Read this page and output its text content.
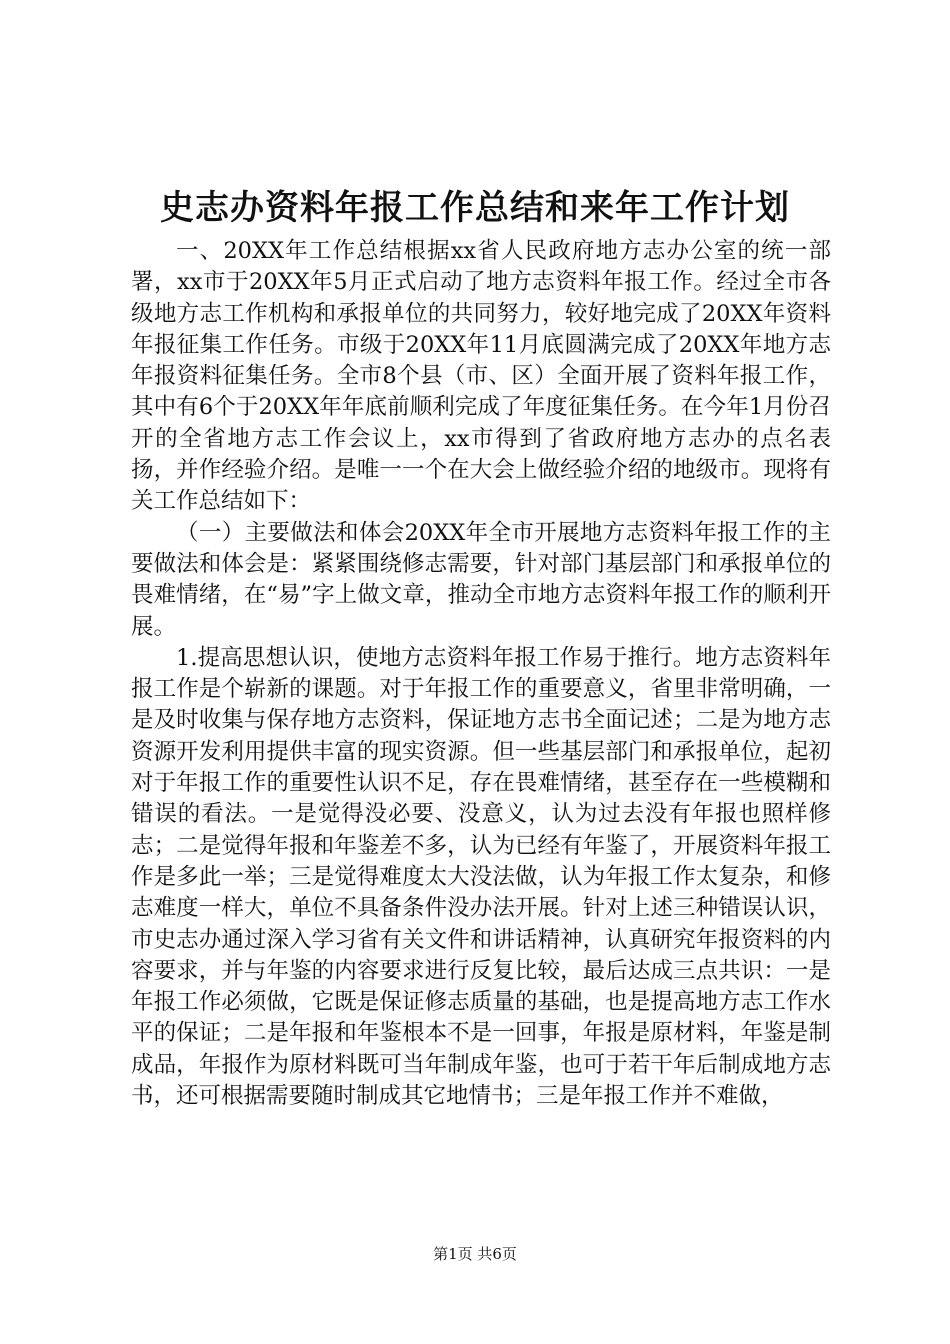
史志办资料年报工作总结和来年工作计划

一、20XX年工作总结根据xx省人民政府地方志办公室的统一部署，xx市于20XX年5月正式启动了地方志资料年报工作。经过全市各级地方志工作机构和承报单位的共同努力，较好地完成了20XX年资料年报征集工作任务。市级于20XX年11月底圆满完成了20XX年地方志年报资料征集任务。全市8个县（市、区）全面开展了资料年报工作，其中有6个于20XX年年底前顺利完成了年度征集任务。在今年1月份召开的全省地方志工作会议上，xx市得到了省政府地方志办的点名表扬，并作经验介绍。是唯一一个在大会上做经验介绍的地级市。现将有关工作总结如下：

（一）主要做法和体会20XX年全市开展地方志资料年报工作的主要做法和体会是：紧紧围绕修志需要，针对部门基层部门和承报单位的畏难情绪，在“易”字上做文章，推动全市地方志资料年报工作的顺利开展。

1.提高思想认识，使地方志资料年报工作易于推行。地方志资料年报工作是个崭新的课题。对于年报工作的重要意义，省里非常明确，一是及时收集与保存地方志资料，保证地方志书全面记述；二是为地方志资源开发利用提供丰富的现实资源。但一些基层部门和承报单位，起初对于年报工作的重要性认识不足，存在畏难情绪，甚至存在一些模糊和错误的看法。一是觉得没必要、没意义，认为过去没有年报也照样修志；二是觉得年报和年鉴差不多，认为已经有年鉴了，开展资料年报工作是多此一举；三是觉得难度太大没法做，认为年报工作太复杂，和修志难度一样大，单位不具备条件没办法开展。针对上述三种错误认识，市史志办通过深入学习省有关文件和讲话精神，认真研究年报资料的内容要求，并与年鉴的内容要求进行反复比较，最后达成三点共识：一是年报工作必须做，它既是保证修志质量的基础，也是提高地方志工作水平的保证；二是年报和年鉴根本不是一回事，年报是原材料，年鉴是制成品，年报作为原材料既可当年制成年鉴，也可于若干年后制成地方志书，还可根据需要随时制成其它地情书；三是年报工作并不难做，

第1页 共6页
